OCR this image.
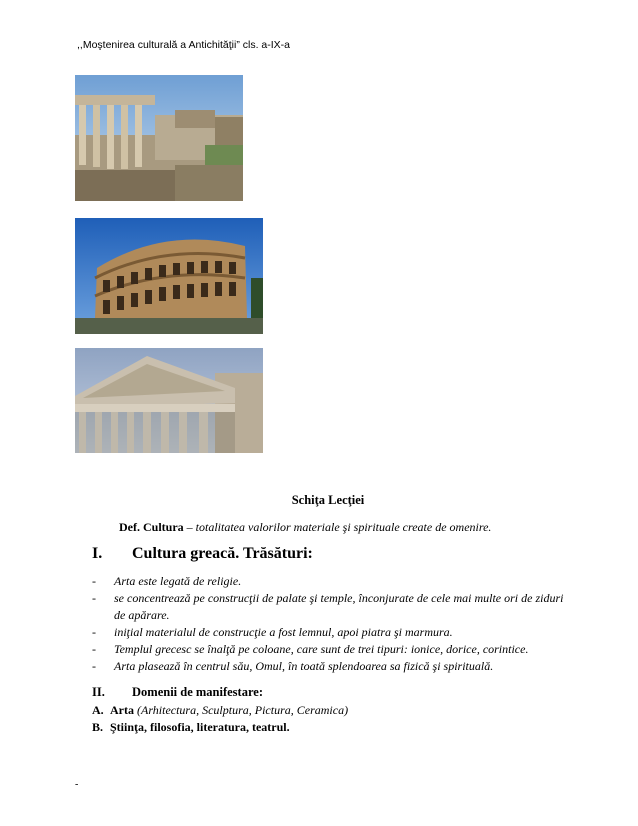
,,Moştenirea culturală a Antichităţii” cls. a-IX-a
Schiţa Lecţiei
Def. Cultura – totalitatea valorilor materiale şi spirituale create de omenire.
I. Cultura greacă. Trăsături:
- Arta este legată de religie.
- se concentrează pe construcţii de palate şi temple, înconjurate de cele mai multe ori de ziduri de apărare.
- iniţial materialul de construcţie a fost lemnul, apoi piatra şi marmura.
- Templul grecesc se înalţă pe coloane, care sunt de trei tipuri: ionice, dorice, corintice.
- Arta plasează în centrul său, Omul, în toată splendoarea sa fizică şi spirituală.
II. Domenii de manifestare:
A. Arta (Arhitectura, Sculptura, Pictura, Ceramica)
B. Ştiinţa, filosofia, literatura, teatrul.
-
